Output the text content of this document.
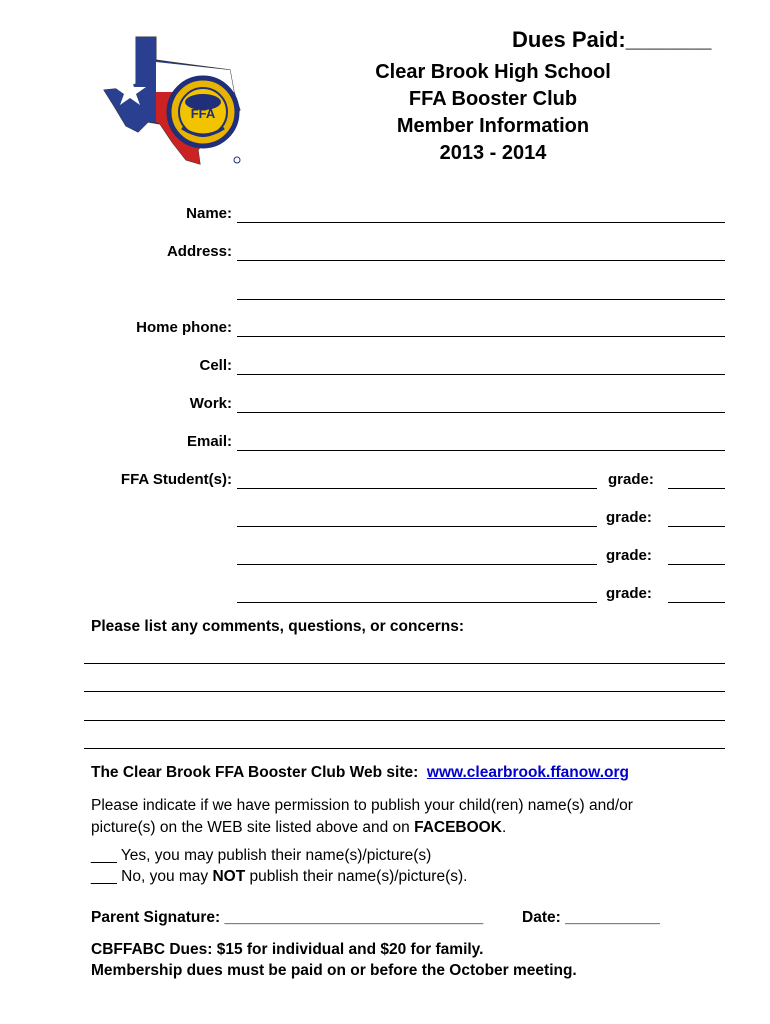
FFA
Dues Paid:_______
Clear Brook High School
FFA Booster Club
Member Information
2013 - 2014
Name:
Address:
Home phone:
Cell:
Work:
Email:
FFA Student(s):	grade:
grade:
grade:
grade:
Please list any comments, questions, or concerns:
The Clear Brook FFA Booster Club Web site: www.clearbrook.ffanow.org
Please indicate if we have permission to publish your child(ren) name(s) and/or
picture(s) on the WEB site listed above and on FACEBOOK.
___ Yes, you may publish their name(s)/picture(s)
___ No, you may NOT publish their name(s)/picture(s).
Parent Signature: ______________________________	Date: ___________
CBFFABC Dues: $15 for individual and $20 for family.
Membership dues must be paid on or before the October meeting.
